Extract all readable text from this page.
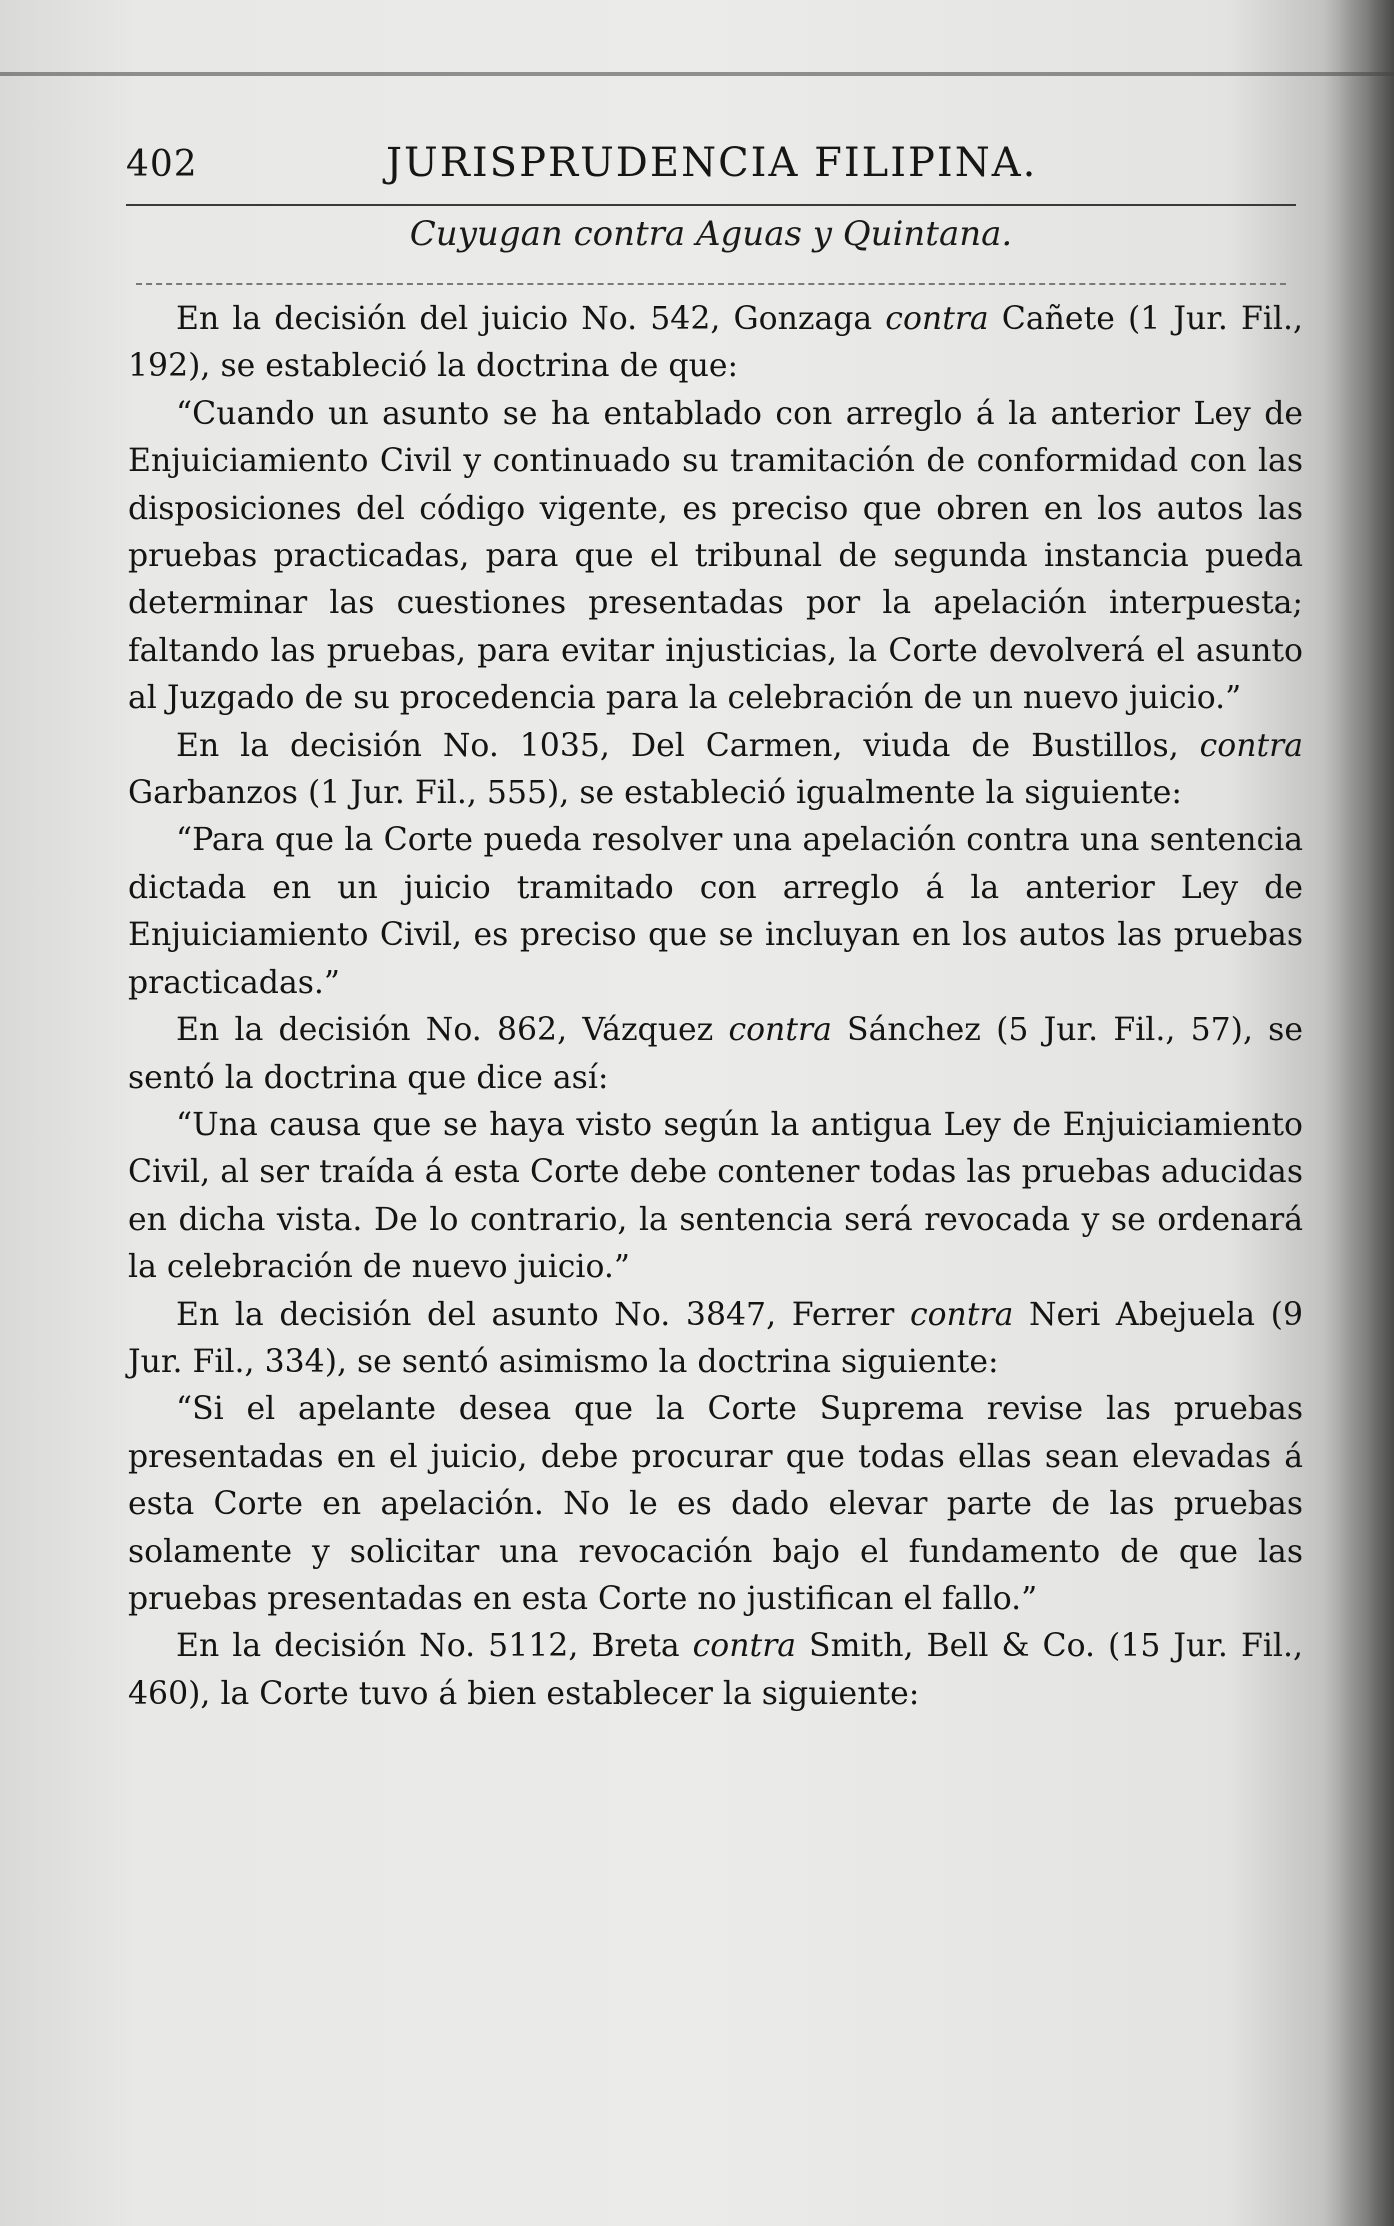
402	JURISPRUDENCIA FILIPINA.
Cuyugan contra Aguas y Quintana.

En la decisión del juicio No. 542, Gonzaga contra Cañete (1 Jur. Fil., 192), se estableció la doctrina de que:

“Cuando un asunto se ha entablado con arreglo á la anterior Ley de Enjuiciamiento Civil y continuado su tramitación de conformidad con las disposiciones del código vigente, es preciso que obren en los autos las pruebas practicadas, para que el tribunal de segunda instancia pueda determinar las cuestiones presentadas por la apelación interpuesta; faltando las pruebas, para evitar injusticias, la Corte devolverá el asunto al Juzgado de su procedencia para la celebración de un nuevo juicio.”

En la decisión No. 1035, Del Carmen, viuda de Bustillos, contra Garbanzos (1 Jur. Fil., 555), se estableció igualmente la siguiente:

“Para que la Corte pueda resolver una apelación contra una sentencia dictada en un juicio tramitado con arreglo á la anterior Ley de Enjuiciamiento Civil, es preciso que se incluyan en los autos las pruebas practicadas.”

En la decisión No. 862, Vázquez contra Sánchez (5 Jur. Fil., 57), se sentó la doctrina que dice así:

“Una causa que se haya visto según la antigua Ley de Enjuiciamiento Civil, al ser traída á esta Corte debe contener todas las pruebas aducidas en dicha vista. De lo contrario, la sentencia será revocada y se ordenará la celebración de nuevo juicio.”

En la decisión del asunto No. 3847, Ferrer contra Neri Abejuela (9 Jur. Fil., 334), se sentó asimismo la doctrina siguiente:

“Si el apelante desea que la Corte Suprema revise las pruebas presentadas en el juicio, debe procurar que todas ellas sean elevadas á esta Corte en apelación. No le es dado elevar parte de las pruebas solamente y solicitar una revocación bajo el fundamento de que las pruebas presentadas en esta Corte no justifican el fallo.”

En la decisión No. 5112, Breta contra Smith, Bell & Co. (15 Jur. Fil., 460), la Corte tuvo á bien establecer la siguiente:
